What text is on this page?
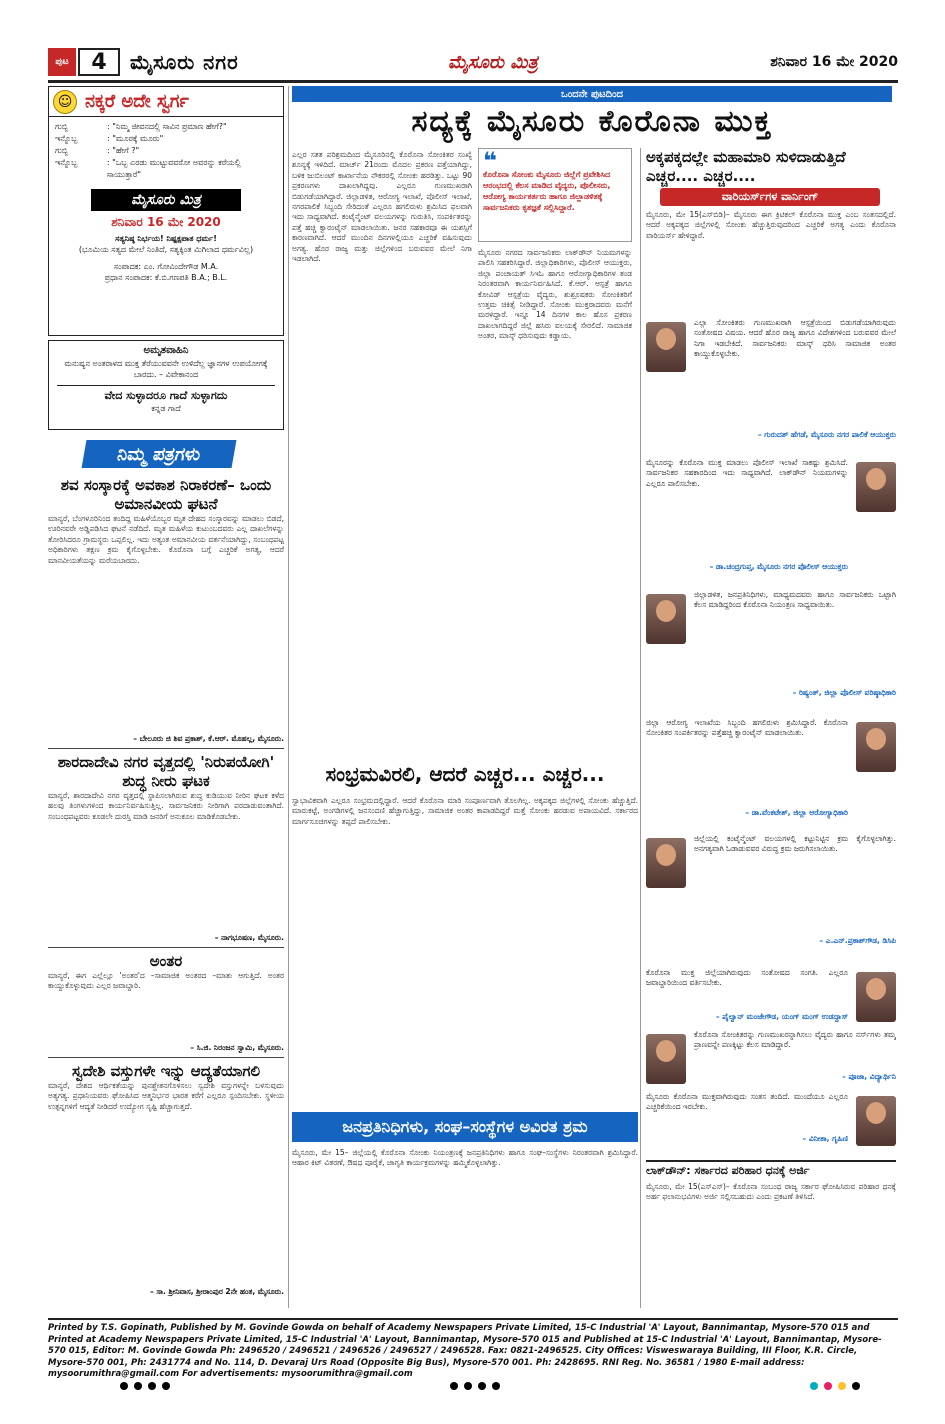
ಪುಟ	4	ಮೈಸೂರು ನಗರ	ಮೈಸೂರು ಮಿತ್ರ	ಶನಿವಾರ 16 ಮೇ 2020
☺ ನಕ್ಕರೆ ಅದೇ ಸ್ವರ್ಗ
ಗುಬ್ಬಿ	: "ನಿಮ್ಮ ಜೀವನದಲ್ಲಿ ಸಾವಿನ ಪ್ರಮಾಣ ಹೇಗೆ?"
ಇನ್ನೊಬ್ಬ	: "ಮೂರಕ್ಕೆ ಮೂರು"
ಗುಬ್ಬಿ	: "ಹೇಗೆ ?"
ಇನ್ನೊಬ್ಬ	: "ಒಬ್ಬ ಎರಡು ಮುಟ್ಟುವವರೋ ಅವರನ್ನು ಕರೆಯಲ್ಲಿ ಸಾಯುತ್ತಾರೆ"
ಮೈಸೂರು ಮಿತ್ರ
ಶನಿವಾರ 16 ಮೇ 2020
ಸತ್ಯನಿಷ್ಠ ನಿರ್ಭಯ! ನಿಷ್ಪಕ್ಷಪಾತ ಧರ್ಮ!
(ಭೂಮಿಯ ಸತ್ಯದ ಮೇಲೆ ನಿಂತಿದೆ, ಸತ್ಯಕ್ಕಿಂತ ಮಿಗಿಲಾದ ಧರ್ಮವಿಲ್ಲ)
ಸಂಪಾದಕ: ಎಂ. ಗೋವಿಂದೇಗೌಡ M.A.
ಪ್ರಧಾನ ಸಂಪಾದಕ: ಕೆ.ಬಿ.ಗಣಪತಿ B.A.; B.L.
ಅಮೃತವಾಹಿನಿ
ಮನುಷ್ಯನ ಅಂತರಾಳದ ಮುಕ್ತ ತೆರೆಯುವವನೇ ಉಳಿದೆಲ್ಲ ಜ್ಞಾನಗಳ ಉಪಯೋಗಕ್ಕೆ ಬಾರದು. – ವಿವೇಕಾನಂದ
ವೇದ ಸುಳ್ಳಾದರೂ ಗಾದೆ ಸುಳ್ಳಾಗದು
ಕನ್ನಡ ಗಾದೆ
ನಿಮ್ಮ ಪತ್ರಗಳು
ಶವ ಸಂಸ್ಕಾರಕ್ಕೆ ಅವಕಾಶ ನಿರಾಕರಣೆ– ಒಂದು ಅಮಾನವೀಯ ಘಟನೆ
ಮಾನ್ಯರೆ, ಬೆಂಗಳೂರಿನಿಂದ ತಂದಿದ್ದ ಮಹಿಳೆಯೊಬ್ಬರ ಮೃತ ದೇಹದ ಸಂಸ್ಕಾರವನ್ನು ಮಾಡಲು ಬಿಡದೆ, ಊರಿನವರೇ ಅಡ್ಡಿಪಡಿಸಿದ ಘಟನೆ ನಡೆದಿದೆ. ಮೃತ ಮಹಿಳೆಯ ಕುಟುಂಬದವರು ಎಲ್ಲ ದಾಖಲೆಗಳನ್ನು ತೋರಿಸಿದರೂ ಗ್ರಾಮಸ್ಥರು ಒಪ್ಪಲಿಲ್ಲ. ಇದು ಅತ್ಯಂತ ಅಮಾನವೀಯ ವರ್ತನೆಯಾಗಿದ್ದು, ಸಂಬಂಧಪಟ್ಟ ಅಧಿಕಾರಿಗಳು ತಕ್ಷಣ ಕ್ರಮ ಕೈಗೊಳ್ಳಬೇಕು. ಕೊರೊನಾ ಬಗ್ಗೆ ಎಚ್ಚರಿಕೆ ಅಗತ್ಯ, ಆದರೆ ಮಾನವೀಯತೆಯನ್ನು ಮರೆಯಬಾರದು.
– ಬೇಲೂರು ಜಿ ಶಿವ ಪ್ರಕಾಶ್, ಕೆ.ಆರ್. ಮೊಹಲ್ಲ, ಮೈಸೂರು.
ಶಾರದಾದೇವಿ ನಗರ ವೃತ್ತದಲ್ಲಿ 'ನಿರುಪಯೋಗಿ' ಶುದ್ಧ ನೀರು ಘಟಕ
ಮಾನ್ಯರೆ, ಶಾರದಾದೇವಿ ನಗರ ವೃತ್ತದಲ್ಲಿ ಸ್ಥಾಪಿಸಲಾಗಿರುವ ಶುದ್ಧ ಕುಡಿಯುವ ನೀರಿನ ಘಟಕ ಕಳೆದ ಹಲವು ತಿಂಗಳುಗಳಿಂದ ಕಾರ್ಯನಿರ್ವಹಿಸುತ್ತಿಲ್ಲ. ಸಾರ್ವಜನಿಕರು ನೀರಿಗಾಗಿ ಪರದಾಡುವಂತಾಗಿದೆ. ಸಂಬಂಧಪಟ್ಟವರು ಕೂಡಲೇ ದುರಸ್ತಿ ಮಾಡಿ ಜನರಿಗೆ ಅನುಕೂಲ ಮಾಡಿಕೊಡಬೇಕು.
– ನಾಗಭೂಷಣ, ಮೈಸೂರು.
ಅಂತರ
ಮಾನ್ಯರೆ, ಈಗ ಎಲ್ಲೆಲ್ಲೂ 'ಅಂತರ'ದ –ಸಾಮಾಜಿಕ ಅಂತರದ –ಮಾತು ಆಗುತ್ತಿದೆ. ಅಂತರ ಕಾಯ್ದುಕೊಳ್ಳುವುದು ಎಲ್ಲರ ಜವಾಬ್ದಾರಿ.
– ಸಿ.ಜಿ. ನಿರಂಜನ ಸ್ವಾಮಿ, ಮೈಸೂರು.
ಸ್ವದೇಶಿ ವಸ್ತುಗಳೇ ಇನ್ನು ಆದ್ಯತೆಯಾಗಲಿ
ಮಾನ್ಯರೆ, ದೇಶದ ಆರ್ಥಿಕತೆಯನ್ನು ಪುನಶ್ಚೇತನಗೊಳಿಸಲು ಸ್ವದೇಶಿ ವಸ್ತುಗಳನ್ನೇ ಬಳಸುವುದು ಅತ್ಯಗತ್ಯ. ಪ್ರಧಾನಿಯವರು ಘೋಷಿಸಿದ ಆತ್ಮನಿರ್ಭರ ಭಾರತ ಕರೆಗೆ ಎಲ್ಲರೂ ಸ್ಪಂದಿಸಬೇಕು. ಸ್ಥಳೀಯ ಉತ್ಪನ್ನಗಳಿಗೆ ಆದ್ಯತೆ ನೀಡಿದರೆ ಉದ್ಯೋಗ ಸೃಷ್ಟಿ ಹೆಚ್ಚಾಗುತ್ತದೆ.
– ಸಾ. ಶ್ರೀನಿವಾಸ, ಶ್ರೀರಾಂಪುರ 2ನೇ ಹಂತ, ಮೈಸೂರು.
ಒಂದನೇ ಪುಟದಿಂದ
ಸದ್ಯಕ್ಕೆ ಮೈಸೂರು ಕೊರೊನಾ ಮುಕ್ತ
ಎಲ್ಲರ ಸತತ ಪರಿಶ್ರಮದಿಂದ ಮೈಸೂರಿನಲ್ಲಿ ಕೊರೊನಾ ಸೋಂಕಿತರ ಸಂಖ್ಯೆ ಶೂನ್ಯಕ್ಕೆ ಇಳಿದಿದೆ. ಮಾರ್ಚ್ 21ರಂದು ಮೊದಲ ಪ್ರಕರಣ ಪತ್ತೆಯಾಗಿದ್ದು, ಬಳಿಕ ಜುಬಿಲಂಟ್ ಕಾರ್ಖಾನೆಯ ನೌಕರರಲ್ಲಿ ಸೋಂಕು ಹರಡಿತ್ತು. ಒಟ್ಟು 90 ಪ್ರಕರಣಗಳು ದಾಖಲಾಗಿದ್ದವು. ಎಲ್ಲರೂ ಗುಣಮುಖರಾಗಿ ಬಿಡುಗಡೆಯಾಗಿದ್ದಾರೆ. ಜಿಲ್ಲಾಡಳಿತ, ಆರೋಗ್ಯ ಇಲಾಖೆ, ಪೊಲೀಸ್ ಇಲಾಖೆ, ನಗರಪಾಲಿಕೆ ಸಿಬ್ಬಂದಿ ಸೇರಿದಂತೆ ಎಲ್ಲರೂ ಹಗಲಿರುಳು ಶ್ರಮಿಸಿದ ಫಲವಾಗಿ ಇದು ಸಾಧ್ಯವಾಗಿದೆ. ಕಂಟೈನ್ಮೆಂಟ್ ವಲಯಗಳನ್ನು ಗುರುತಿಸಿ, ಸಂಪರ್ಕಿತರನ್ನು ಪತ್ತೆ ಹಚ್ಚಿ ಕ್ವಾರಂಟೈನ್ ಮಾಡಲಾಯಿತು. ಜನರ ಸಹಕಾರವೂ ಈ ಯಶಸ್ಸಿಗೆ ಕಾರಣವಾಗಿದೆ. ಆದರೆ ಮುಂದಿನ ದಿನಗಳಲ್ಲಿಯೂ ಎಚ್ಚರಿಕೆ ವಹಿಸುವುದು ಅಗತ್ಯ. ಹೊರ ರಾಜ್ಯ ಮತ್ತು ಜಿಲ್ಲೆಗಳಿಂದ ಬರುವವರ ಮೇಲೆ ನಿಗಾ ಇಡಲಾಗಿದೆ.
❝
ಕೊರೊನಾ ಸೋಂಕು ಮೈಸೂರು ಜಿಲ್ಲೆಗೆ ಪ್ರವೇಶಿಸಿದ ಆರಂಭದಲ್ಲಿ ಕೆಲಸ ಮಾಡಿದ ವೈದ್ಯರು, ಪೊಲೀಸರು, ಆರೋಗ್ಯ ಕಾರ್ಯಕರ್ತರು ಹಾಗೂ ಜಿಲ್ಲಾಡಳಿತಕ್ಕೆ ಸಾರ್ವಜನಿಕರು ಕೃತಜ್ಞತೆ ಸಲ್ಲಿಸಿದ್ದಾರೆ.
ಮೈಸೂರು ನಗರದ ಸಾರ್ವಜನಿಕರು ಲಾಕ್‌ಡೌನ್ ನಿಯಮಗಳನ್ನು ಪಾಲಿಸಿ ಸಹಕರಿಸಿದ್ದಾರೆ. ಜಿಲ್ಲಾಧಿಕಾರಿಗಳು, ಪೊಲೀಸ್ ಆಯುಕ್ತರು, ಜಿಲ್ಲಾ ಪಂಚಾಯತ್ ಸಿಇಓ ಹಾಗೂ ಆರೋಗ್ಯಾಧಿಕಾರಿಗಳ ತಂಡ ನಿರಂತರವಾಗಿ ಕಾರ್ಯನಿರ್ವಹಿಸಿದೆ. ಕೆ.ಆರ್. ಆಸ್ಪತ್ರೆ ಹಾಗೂ ಕೋವಿಡ್ ಆಸ್ಪತ್ರೆಯ ವೈದ್ಯರು, ಶುಶ್ರೂಷಕರು ಸೋಂಕಿತರಿಗೆ ಉತ್ತಮ ಚಿಕಿತ್ಸೆ ನೀಡಿದ್ದಾರೆ. ಸೋಂಕು ಮುಕ್ತರಾದವರು ಮನೆಗೆ ಮರಳಿದ್ದಾರೆ. ಇನ್ನೂ 14 ದಿನಗಳ ಕಾಲ ಹೊಸ ಪ್ರಕರಣ ದಾಖಲಾಗದಿದ್ದರೆ ಜಿಲ್ಲೆ ಹಸಿರು ವಲಯಕ್ಕೆ ಸೇರಲಿದೆ. ಸಾಮಾಜಿಕ ಅಂತರ, ಮಾಸ್ಕ್ ಧರಿಸುವುದು ಕಡ್ಡಾಯ.
ಸಂಭ್ರಮವಿರಲಿ, ಆದರೆ ಎಚ್ಚರ... ಎಚ್ಚರ...
ಸ್ವಾಭಾವಿಕವಾಗಿ ಎಲ್ಲರೂ ಸಂಭ್ರಮದಲ್ಲಿದ್ದಾರೆ. ಆದರೆ ಕೊರೊನಾ ಮಾರಿ ಸಂಪೂರ್ಣವಾಗಿ ತೊಲಗಿಲ್ಲ. ಅಕ್ಕಪಕ್ಕದ ಜಿಲ್ಲೆಗಳಲ್ಲಿ ಸೋಂಕು ಹೆಚ್ಚುತ್ತಿದೆ. ಮಾರುಕಟ್ಟೆ, ಅಂಗಡಿಗಳಲ್ಲಿ ಜನಸಂದಣಿ ಹೆಚ್ಚಾಗುತ್ತಿದ್ದು, ಸಾಮಾಜಿಕ ಅಂತರ ಕಾಪಾಡದಿದ್ದರೆ ಮತ್ತೆ ಸೋಂಕು ಹರಡುವ ಅಪಾಯವಿದೆ. ಸರ್ಕಾರದ ಮಾರ್ಗಸೂಚಿಗಳನ್ನು ತಪ್ಪದೆ ಪಾಲಿಸಬೇಕು.
ಜನಪ್ರತಿನಿಧಿಗಳು, ಸಂಘ–ಸಂಸ್ಥೆಗಳ ಅವಿರತ ಶ್ರಮ
ಮೈಸೂರು, ಮೇ 15– ಜಿಲ್ಲೆಯಲ್ಲಿ ಕೊರೊನಾ ಸೋಂಕು ನಿಯಂತ್ರಣಕ್ಕೆ ಜನಪ್ರತಿನಿಧಿಗಳು ಹಾಗೂ ಸಂಘ–ಸಂಸ್ಥೆಗಳು ನಿರಂತರವಾಗಿ ಶ್ರಮಿಸಿದ್ದಾರೆ. ಆಹಾರ ಕಿಟ್ ವಿತರಣೆ, ಔಷಧ ಪೂರೈಕೆ, ಜಾಗೃತಿ ಕಾರ್ಯಕ್ರಮಗಳನ್ನು ಹಮ್ಮಿಕೊಳ್ಳಲಾಗಿತ್ತು.
ಅಕ್ಕಪಕ್ಕದಲ್ಲೇ ಮಹಾಮಾರಿ ಸುಳಿದಾಡುತ್ತಿದೆ ಎಚ್ಚರ.... ಎಚ್ಚರ....
ವಾರಿಯರ್ಸ್‌ಗಳ ವಾರ್ನಿಂಗ್
ಮೈಸೂರು, ಮೇ 15(ಎಸ್‌ಬಿಡಿ)– ಮೈಸೂರು ಈಗ ಕ್ರಿಟಿಕಲ್ ಕೊರೊನಾ ಮುಕ್ತ ಎಂಬ ಸಂತಸದಲ್ಲಿದೆ. ಆದರೆ ಅಕ್ಕಪಕ್ಕದ ಜಿಲ್ಲೆಗಳಲ್ಲಿ ಸೋಂಕು ಹೆಚ್ಚುತ್ತಿರುವುದರಿಂದ ಎಚ್ಚರಿಕೆ ಅಗತ್ಯ ಎಂದು ಕೊರೊನಾ ವಾರಿಯರ್ಸ್ ಹೇಳಿದ್ದಾರೆ.
ಎಲ್ಲಾ ಸೋಂಕಿತರು ಗುಣಮುಖರಾಗಿ ಆಸ್ಪತ್ರೆಯಿಂದ ಬಿಡುಗಡೆಯಾಗಿರುವುದು ಸಂತೋಷದ ವಿಷಯ. ಆದರೆ ಹೊರ ರಾಜ್ಯ ಹಾಗೂ ವಿದೇಶಗಳಿಂದ ಬರುವವರ ಮೇಲೆ ನಿಗಾ ಇಡಬೇಕಿದೆ. ಸಾರ್ವಜನಿಕರು ಮಾಸ್ಕ್ ಧರಿಸಿ ಸಾಮಾಜಿಕ ಅಂತರ ಕಾಯ್ದುಕೊಳ್ಳಬೇಕು.
– ಗುರುದತ್ ಹೆಗಡೆ, ಮೈಸೂರು ನಗರ ಪಾಲಿಕೆ ಆಯುಕ್ತರು
ಮೈಸೂರನ್ನು ಕೊರೊನಾ ಮುಕ್ತ ಮಾಡಲು ಪೊಲೀಸ್ ಇಲಾಖೆ ಸಾಕಷ್ಟು ಶ್ರಮಿಸಿದೆ. ಸಾರ್ವಜನಿಕರ ಸಹಕಾರದಿಂದ ಇದು ಸಾಧ್ಯವಾಗಿದೆ. ಲಾಕ್‌ಡೌನ್ ನಿಯಮಗಳನ್ನು ಎಲ್ಲರೂ ಪಾಲಿಸಬೇಕು.
– ಡಾ.ಚಂದ್ರಗುಪ್ತ, ಮೈಸೂರು ನಗರ ಪೊಲೀಸ್ ಆಯುಕ್ತರು
ಜಿಲ್ಲಾಡಳಿತ, ಜನಪ್ರತಿನಿಧಿಗಳು, ಮಾಧ್ಯಮದವರು ಹಾಗೂ ಸಾರ್ವಜನಿಕರು ಒಟ್ಟಾಗಿ ಕೆಲಸ ಮಾಡಿದ್ದರಿಂದ ಕೊರೊನಾ ನಿಯಂತ್ರಣ ಸಾಧ್ಯವಾಯಿತು.
– ರಿಷ್ಯಂತ್, ಜಿಲ್ಲಾ ಪೊಲೀಸ್ ವರಿಷ್ಠಾಧಿಕಾರಿ
ಜಿಲ್ಲಾ ಆರೋಗ್ಯ ಇಲಾಖೆಯ ಸಿಬ್ಬಂದಿ ಹಗಲಿರುಳು ಶ್ರಮಿಸಿದ್ದಾರೆ. ಕೊರೊನಾ ಸೋಂಕಿತರ ಸಂಪರ್ಕಿತರನ್ನು ಪತ್ತೆಹಚ್ಚಿ ಕ್ವಾರಂಟೈನ್ ಮಾಡಲಾಯಿತು.
– ಡಾ.ವೆಂಕಟೇಶ್, ಜಿಲ್ಲಾ ಆರೋಗ್ಯಾಧಿಕಾರಿ
ಜಿಲ್ಲೆಯಲ್ಲಿ ಕಂಟೈನ್ಮೆಂಟ್ ವಲಯಗಳಲ್ಲಿ ಕಟ್ಟುನಿಟ್ಟಿನ ಕ್ರಮ ಕೈಗೊಳ್ಳಲಾಗಿತ್ತು. ಅನಗತ್ಯವಾಗಿ ಓಡಾಡುವವರ ವಿರುದ್ಧ ಕ್ರಮ ಜರುಗಿಸಲಾಯಿತು.
– ಎ.ಎನ್.ಪ್ರಕಾಶ್‌ಗೌಡ, ಡಿಸಿಪಿ
ಕೊರೊನಾ ಮುಕ್ತ ಜಿಲ್ಲೆಯಾಗಿರುವುದು ಸಂತೋಷದ ಸಂಗತಿ. ಎಲ್ಲರೂ ಜವಾಬ್ದಾರಿಯಿಂದ ವರ್ತಿಸಬೇಕು.
– ಪೈಲ್ವಾನ್ ಮಂಜೇಗೌಡ, ಯಂಗ್ ಮಂಗ್ ಉಡದ್ದಾಸ್
ಕೊರೊನಾ ಸೋಂಕಿತರನ್ನು ಗುಣಮುಖರನ್ನಾಗಿಸಲು ವೈದ್ಯರು ಹಾಗೂ ನರ್ಸ್‌ಗಳು ತಮ್ಮ ಪ್ರಾಣವನ್ನೇ ಪಣಕ್ಕಿಟ್ಟು ಕೆಲಸ ಮಾಡಿದ್ದಾರೆ.
– ಪೂಜಾ, ವಿದ್ಯಾರ್ಥಿನಿ
ಮೈಸೂರು ಕೊರೊನಾ ಮುಕ್ತವಾಗಿರುವುದು ಸಂತಸ ತಂದಿದೆ. ಮುಂದೆಯೂ ಎಲ್ಲರೂ ಎಚ್ಚರಿಕೆಯಿಂದ ಇರಬೇಕು.
– ವಿನೀತಾ, ಗೃಹಿಣಿ
ಲಾಕ್‌ಡೌನ್: ಸರ್ಕಾರದ ಪರಿಹಾರ ಧನಕ್ಕೆ ಅರ್ಜಿ
ಮೈಸೂರು, ಮೇ 15(ಎಸ್‌ಎಸ್)– ಕೊರೊನಾ ಸಂಬಂಧ ರಾಜ್ಯ ಸರ್ಕಾರ ಘೋಷಿಸಿರುವ ಪರಿಹಾರ ಧನಕ್ಕೆ ಅರ್ಹ ಫಲಾನುಭವಿಗಳು ಅರ್ಜಿ ಸಲ್ಲಿಸಬಹುದು ಎಂದು ಪ್ರಕಟಣೆ ತಿಳಿಸಿದೆ.
Printed by T.S. Gopinath, Published by M. Govinde Gowda on behalf of Academy Newspapers Private Limited, 15-C Industrial 'A' Layout, Bannimantap, Mysore-570 015 and Printed at Academy Newspapers Private Limited, 15-C Industrial 'A' Layout, Bannimantap, Mysore-570 015 and Published at 15-C Industrial 'A' Layout, Bannimantap, Mysore-570 015, Editor: M. Govinde Gowda Ph: 2496520 / 2496521 / 2496526 / 2496527 / 2496528. Fax: 0821-2496525. City Offices: Visweswaraya Building, III Floor, K.R. Circle, Mysore-570 001, Ph: 2431774 and No. 114, D. Devaraj Urs Road (Opposite Big Bus), Mysore-570 001. Ph: 2428695. RNI Reg. No. 36581 / 1980 E-mail address: mysoorumithra@gmail.com For advertisements: mysoorumithra@gmail.com
